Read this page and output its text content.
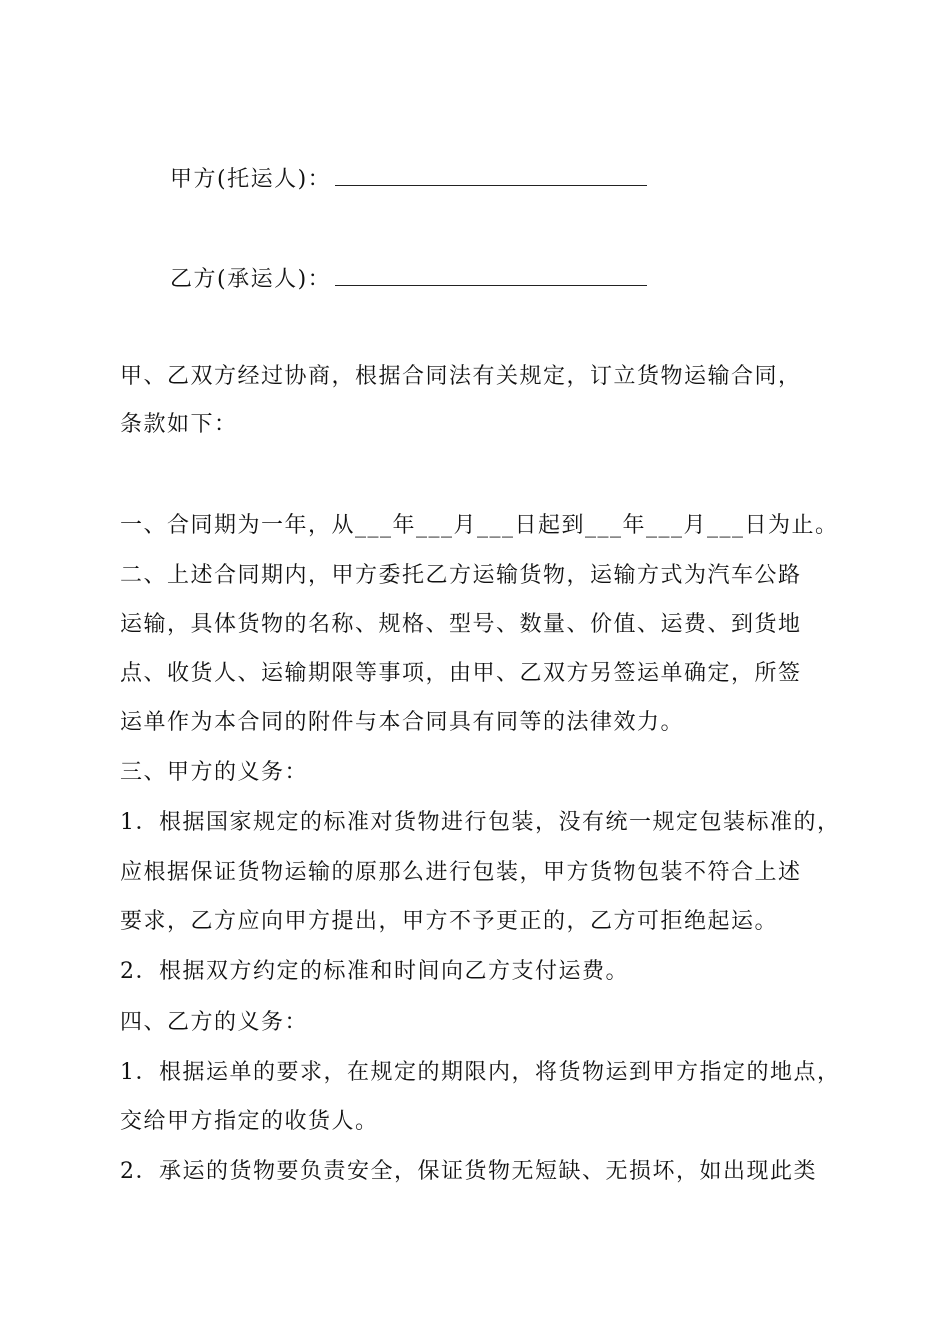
甲方(托运人)：
乙方(承运人)：
甲、乙双方经过协商，根据合同法有关规定，订立货物运输合同，
条款如下：
一、合同期为一年，从___年___月___日起到___年___月___日为止。
二、上述合同期内，甲方委托乙方运输货物，运输方式为汽车公路
运输，具体货物的名称、规格、型号、数量、价值、运费、到货地
点、收货人、运输期限等事项，由甲、乙双方另签运单确定，所签
运单作为本合同的附件与本合同具有同等的法律效力。
三、甲方的义务：
1．根据国家规定的标准对货物进行包装，没有统一规定包装标准的，
应根据保证货物运输的原那么进行包装，甲方货物包装不符合上述
要求，乙方应向甲方提出，甲方不予更正的，乙方可拒绝起运。
2．根据双方约定的标准和时间向乙方支付运费。
四、乙方的义务：
1．根据运单的要求，在规定的期限内，将货物运到甲方指定的地点，
交给甲方指定的收货人。
2．承运的货物要负责安全，保证货物无短缺、无损坏，如出现此类
